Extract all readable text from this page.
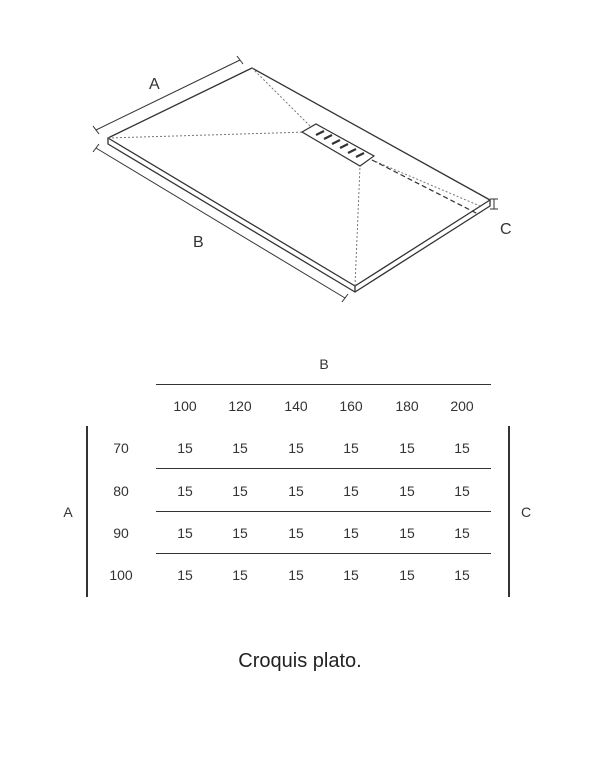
A
B
C
B
100	120	140	160	180	200
A	C
70	15	15	15	15	15	15
80	15	15	15	15	15	15
90	15	15	15	15	15	15
100	15	15	15	15	15	15
Croquis plato.
